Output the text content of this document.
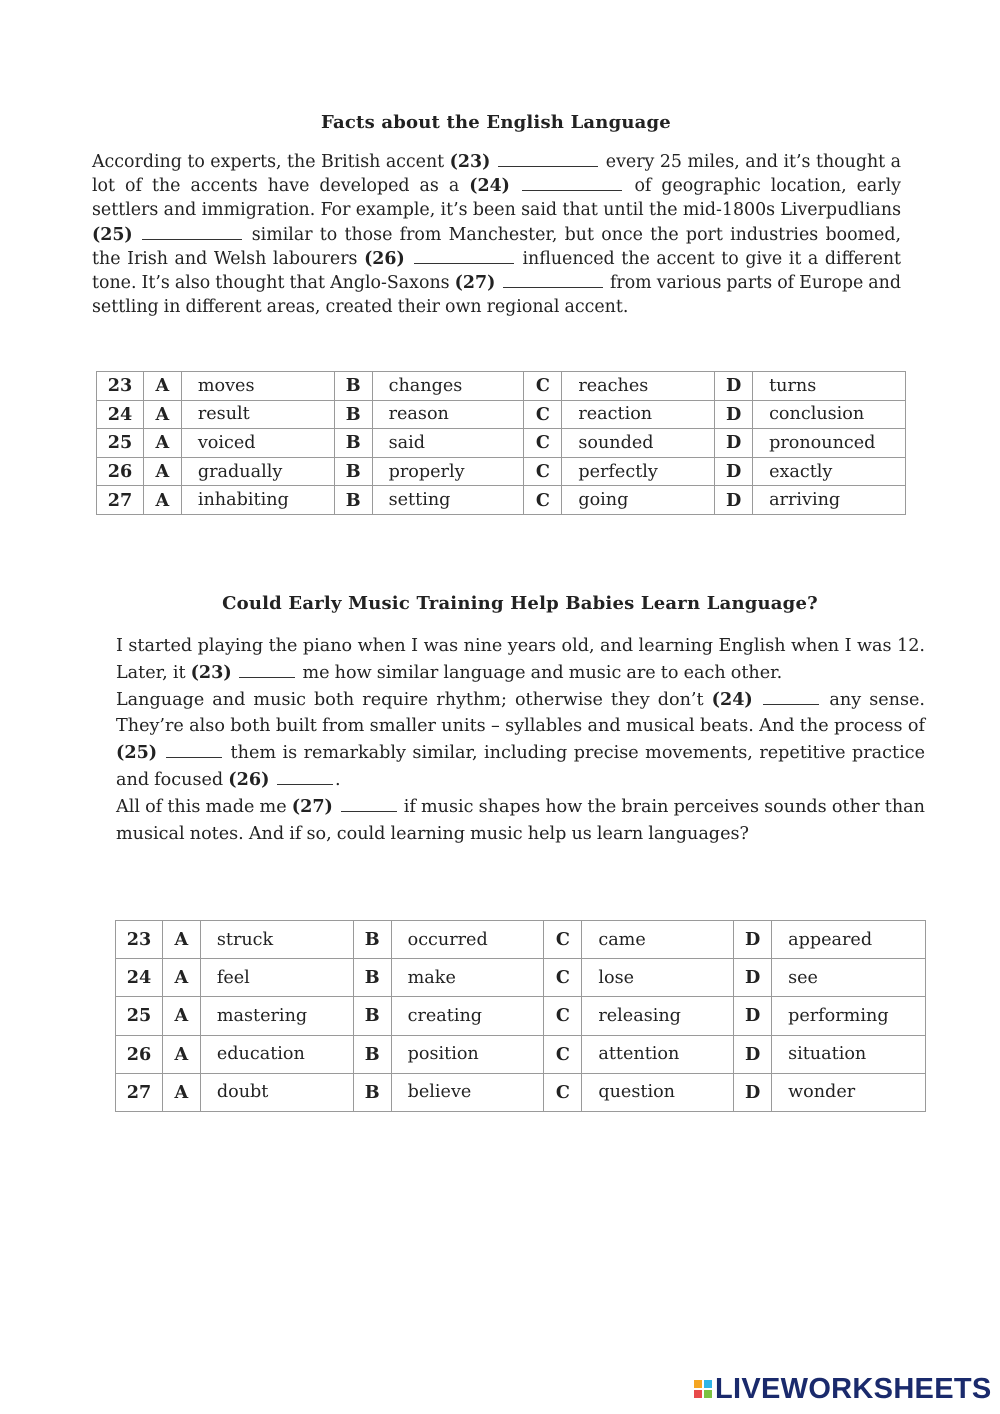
Facts about the English Language
According to experts, the British accent (23)	every 25 miles, and it’s thought a lot of the accents have developed as a (24)	of geographic location, early settlers and immigration. For example, it’s been said that until the mid-1800s Liverpudlians (25)	similar to those from Manchester, but once the port industries boomed, the Irish and Welsh labourers (26)	influenced the accent to give it a different tone. It’s also thought that Anglo-Saxons (27)	from various parts of Europe and settling in different areas, created their own regional accent.
23	A	moves	B	changes	C	reaches	D	turns
24	A	result	B	reason	C	reaction	D	conclusion
25	A	voiced	B	said	C	sounded	D	pronounced
26	A	gradually	B	properly	C	perfectly	D	exactly
27	A	inhabiting	B	setting	C	going	D	arriving
Could Early Music Training Help Babies Learn Language?
I started playing the piano when I was nine years old, and learning English when I was 12. Later, it (23)	me how similar language and music are to each other.
Language and music both require rhythm; otherwise they don’t (24)	any sense. They’re also both built from smaller units – syllables and musical beats. And the process of (25)	them is remarkably similar, including precise movements, repetitive practice and focused (26)	.
All of this made me (27)	if music shapes how the brain perceives sounds other than musical notes. And if so, could learning music help us learn languages?
23	A	struck	B	occurred	C	came	D	appeared
24	A	feel	B	make	C	lose	D	see
25	A	mastering	B	creating	C	releasing	D	performing
26	A	education	B	position	C	attention	D	situation
27	A	doubt	B	believe	C	question	D	wonder
LIVEWORKSHEETS
